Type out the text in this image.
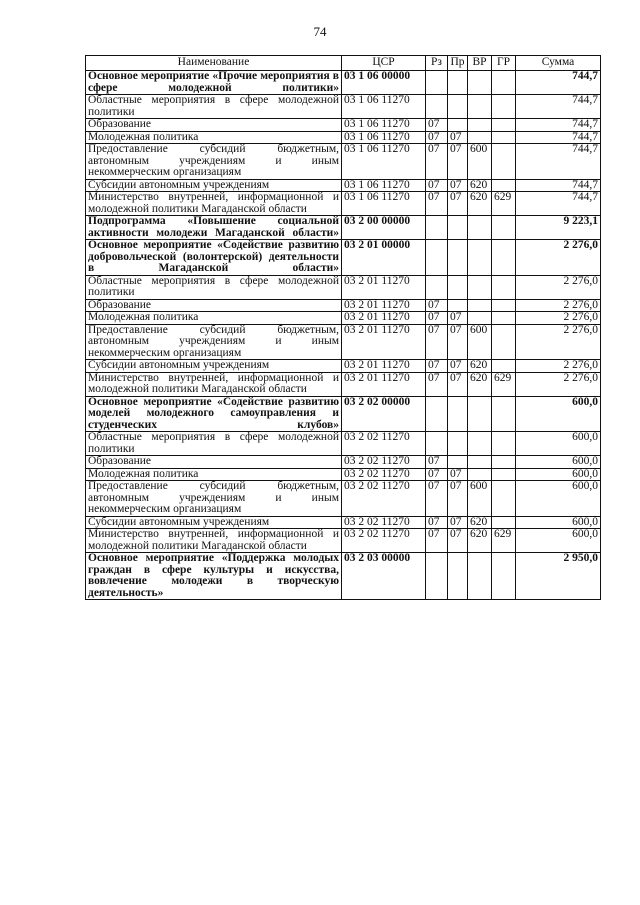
74
Наименование	ЦСР	Рз	Пр	ВР	ГР	Сумма
Основное мероприятие «Прочие мероприятия в сфере молодежной политики»	03 1 06 00000					744,7
Областные мероприятия в сфере молодежной политики	03 1 06 11270					744,7
Образование	03 1 06 11270	07				744,7
Молодежная политика	03 1 06 11270	07	07			744,7
Предоставление субсидий бюджетным, автономным учреждениям и иным некоммерческим организациям	03 1 06 11270	07	07	600		744,7
Субсидии автономным учреждениям	03 1 06 11270	07	07	620		744,7
Министерство внутренней, информационной и молодежной политики Магаданской области	03 1 06 11270	07	07	620	629	744,7
Подпрограмма «Повышение социальной активности молодежи Магаданской области»	03 2 00 00000					9 223,1
Основное мероприятие «Содействие развитию добровольческой (волонтерской) деятельности в Магаданской области»	03 2 01 00000					2 276,0
Областные мероприятия в сфере молодежной политики	03 2 01 11270					2 276,0
Образование	03 2 01 11270	07				2 276,0
Молодежная политика	03 2 01 11270	07	07			2 276,0
Предоставление субсидий бюджетным, автономным учреждениям и иным некоммерческим организациям	03 2 01 11270	07	07	600		2 276,0
Субсидии автономным учреждениям	03 2 01 11270	07	07	620		2 276,0
Министерство внутренней, информационной и молодежной политики Магаданской области	03 2 01 11270	07	07	620	629	2 276,0
Основное мероприятие «Содействие развитию моделей молодежного самоуправления и студенческих клубов»	03 2 02 00000					600,0
Областные мероприятия в сфере молодежной политики	03 2 02 11270					600,0
Образование	03 2 02 11270	07				600,0
Молодежная политика	03 2 02 11270	07	07			600,0
Предоставление субсидий бюджетным, автономным учреждениям и иным некоммерческим организациям	03 2 02 11270	07	07	600		600,0
Субсидии автономным учреждениям	03 2 02 11270	07	07	620		600,0
Министерство внутренней, информационной и молодежной политики Магаданской области	03 2 02 11270	07	07	620	629	600,0
Основное мероприятие «Поддержка молодых граждан в сфере культуры и искусства, вовлечение молодежи в творческую деятельность»	03 2 03 00000					2 950,0
